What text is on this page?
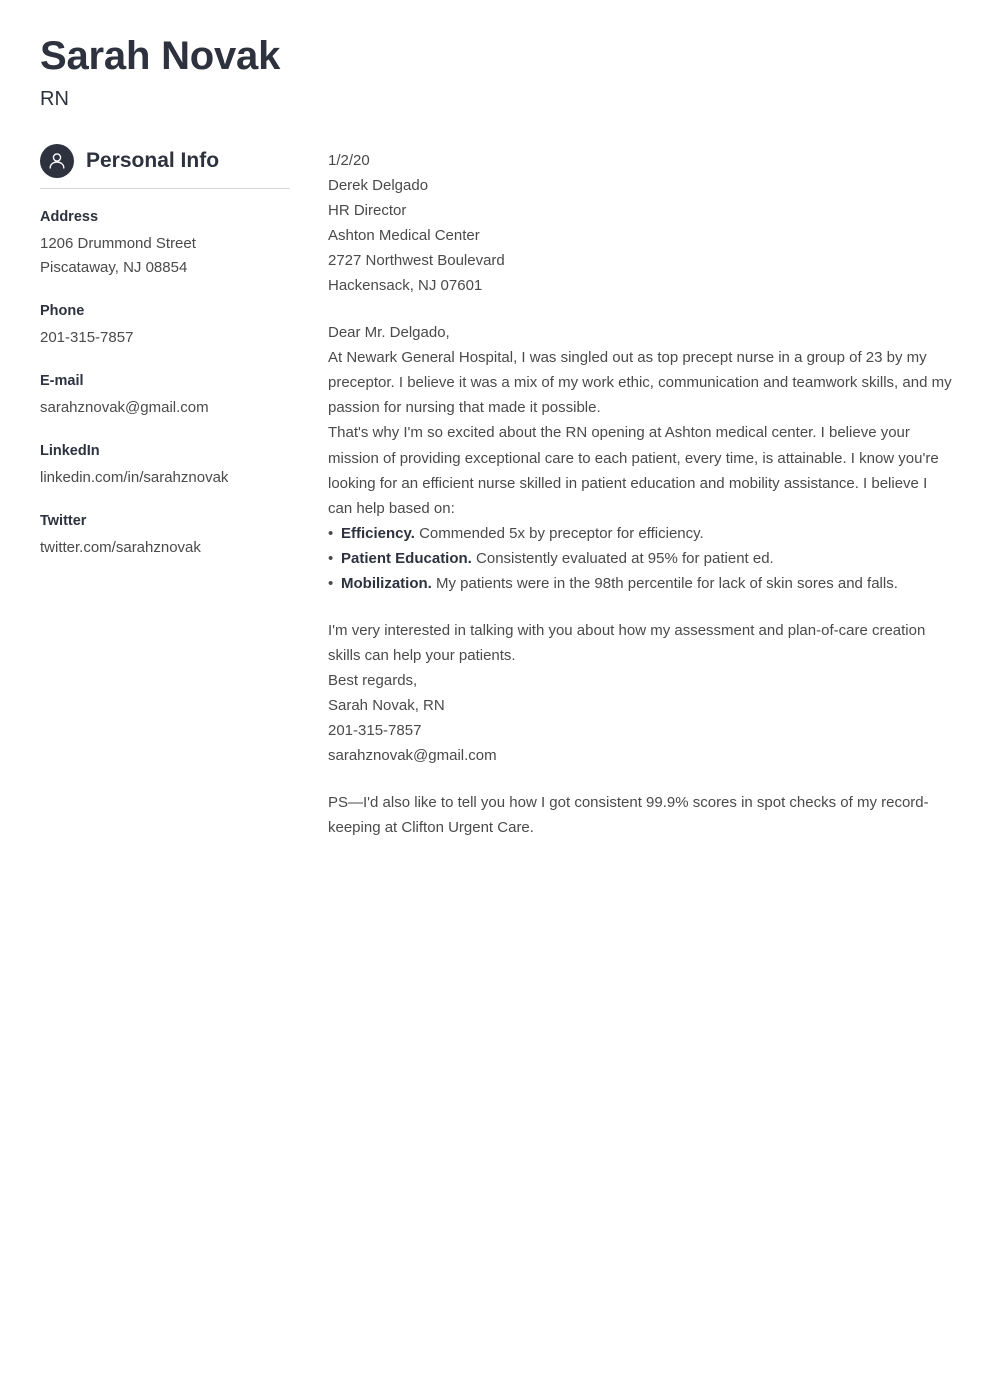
Sarah Novak
RN
Personal Info
Address
1206 Drummond Street
Piscataway, NJ 08854
Phone
201-315-7857
E-mail
sarahznovak@gmail.com
LinkedIn
linkedin.com/in/sarahznovak
Twitter
twitter.com/sarahznovak

1/2/20

Derek Delgado
HR Director
Ashton Medical Center
2727 Northwest Boulevard
Hackensack, NJ 07601

Dear Mr. Delgado,

At Newark General Hospital, I was singled out as top precept nurse in a group of 23 by my preceptor. I believe it was a mix of my work ethic, communication and teamwork skills, and my passion for nursing that made it possible.

That's why I'm so excited about the RN opening at Ashton medical center. I believe your mission of providing exceptional care to each patient, every time, is attainable. I know you're looking for an efficient nurse skilled in patient education and mobility assistance. I believe I can help based on:

• Efficiency. Commended 5x by preceptor for efficiency.
• Patient Education. Consistently evaluated at 95% for patient ed.
• Mobilization. My patients were in the 98th percentile for lack of skin sores and falls.

I'm very interested in talking with you about how my assessment and plan-of-care creation skills can help your patients.

Best regards,

Sarah Novak, RN
201-315-7857
sarahznovak@gmail.com

PS—I'd also like to tell you how I got consistent 99.9% scores in spot checks of my record-keeping at Clifton Urgent Care.
